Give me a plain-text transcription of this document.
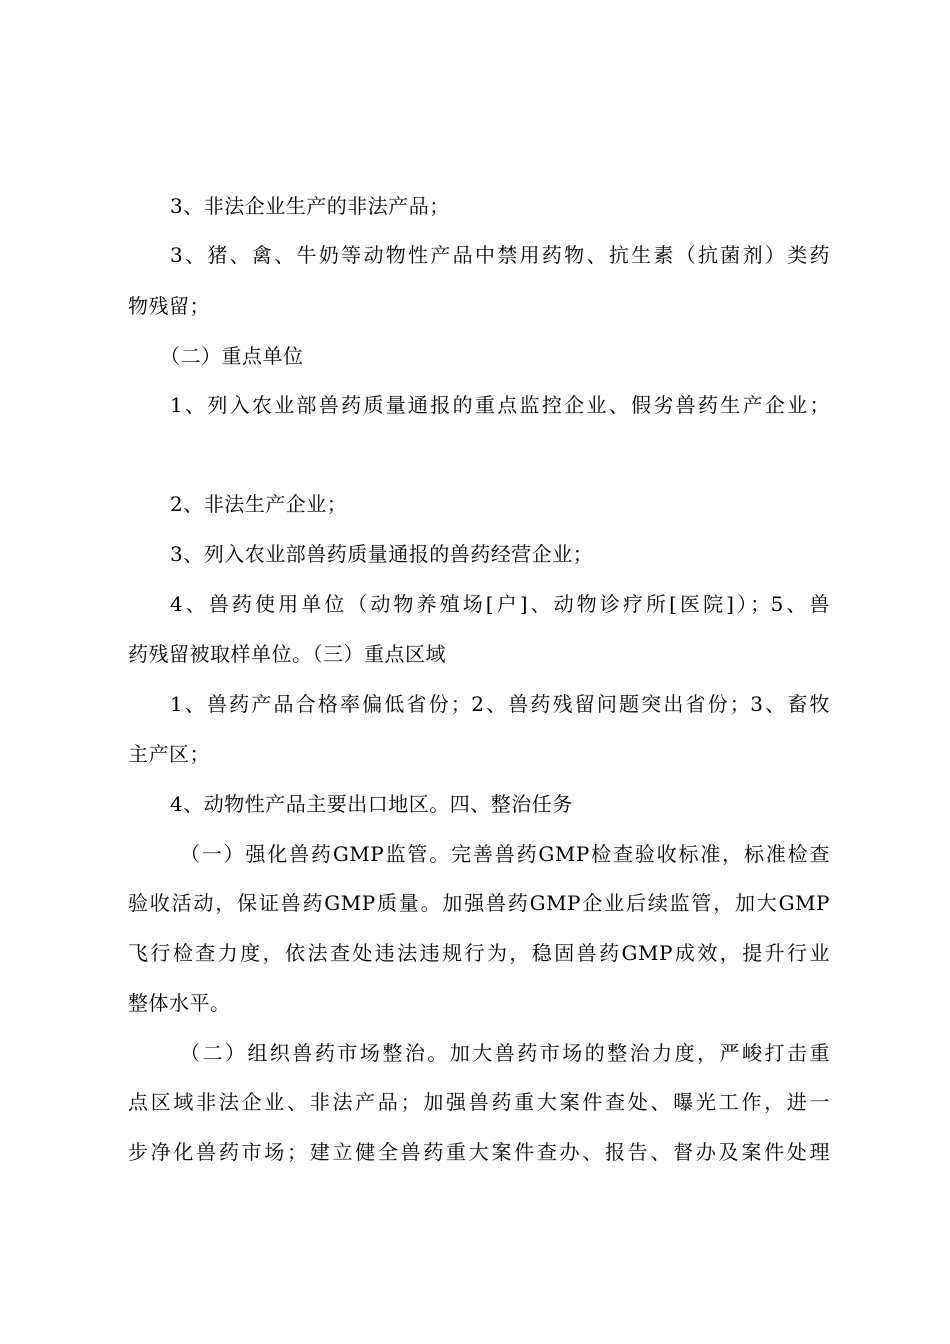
3、非法企业生产的非法产品；
3、猪、禽、牛奶等动物性产品中禁用药物、抗生素（抗菌剂）类药
物残留；
（二）重点单位
1、列入农业部兽药质量通报的重点监控企业、假劣兽药生产企业；
2、非法生产企业；
3、列入农业部兽药质量通报的兽药经营企业；
4、兽药使用单位（动物养殖场[户]、动物诊疗所[医院]）；5、兽
药残留被取样单位。（三）重点区域
1、兽药产品合格率偏低省份；2、兽药残留问题突出省份；3、畜牧
主产区；
4、动物性产品主要出口地区。四、整治任务
（一）强化兽药GMP监管。完善兽药GMP检查验收标准，标准检查
验收活动，保证兽药GMP质量。加强兽药GMP企业后续监管，加大GMP
飞行检查力度，依法查处违法违规行为，稳固兽药GMP成效，提升行业
整体水平。
（二）组织兽药市场整治。加大兽药市场的整治力度，严峻打击重
点区域非法企业、非法产品；加强兽药重大案件查处、曝光工作，进一
步净化兽药市场；建立健全兽药重大案件查办、报告、督办及案件处理
